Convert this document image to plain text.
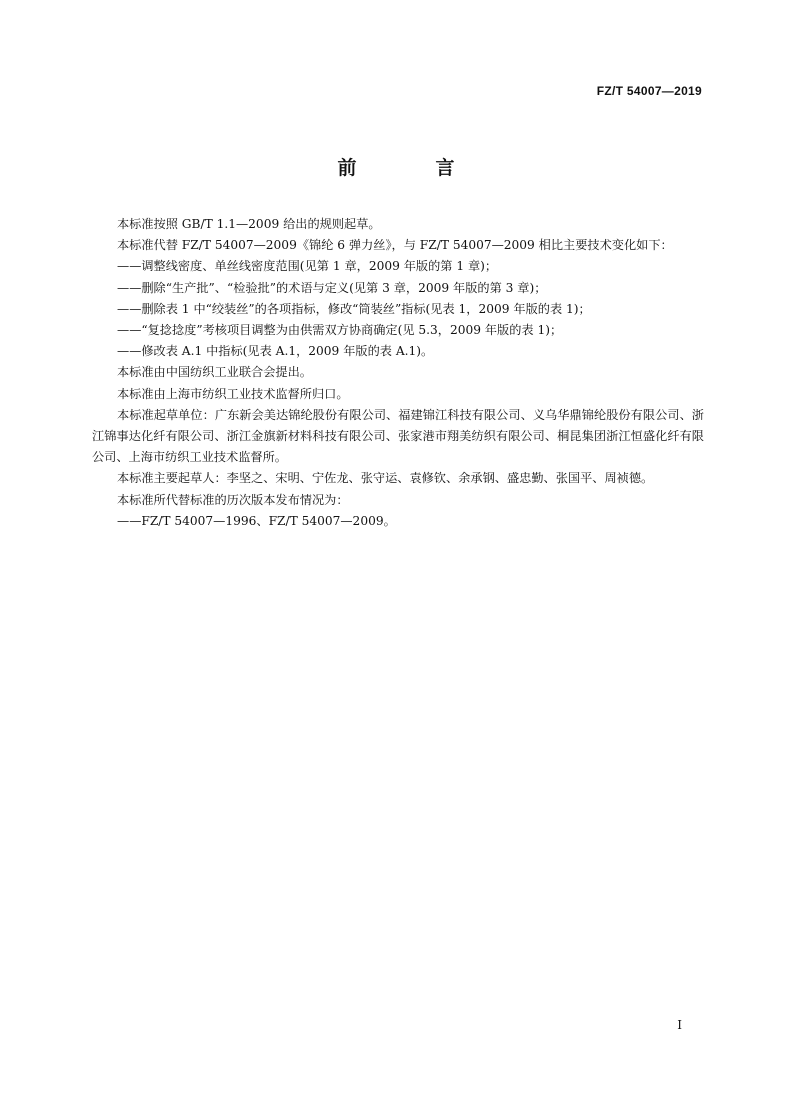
FZ/T 54007—2019
前　言

本标准按照 GB/T 1.1—2009 给出的规则起草。

本标准代替 FZ/T 54007—2009《锦纶 6 弹力丝》，与 FZ/T 54007—2009 相比主要技术变化如下：

——调整线密度、单丝线密度范围(见第 1 章，2009 年版的第 1 章)；

——删除“生产批”、“检验批”的术语与定义(见第 3 章，2009 年版的第 3 章)；

——删除表 1 中“绞装丝”的各项指标，修改“筒装丝”指标(见表 1，2009 年版的表 1)；

——“复捻捻度”考核项目调整为由供需双方协商确定(见 5.3，2009 年版的表 1)；

——修改表 A.1 中指标(见表 A.1，2009 年版的表 A.1)。

本标准由中国纺织工业联合会提出。

本标准由上海市纺织工业技术监督所归口。

本标准起草单位：广东新会美达锦纶股份有限公司、福建锦江科技有限公司、义乌华鼎锦纶股份有限公司、浙江锦事达化纤有限公司、浙江金旗新材料科技有限公司、张家港市翔美纺织有限公司、桐昆集团浙江恒盛化纤有限公司、上海市纺织工业技术监督所。

本标准主要起草人：李坚之、宋明、宁佐龙、张守运、袁修钦、余承钢、盛忠勤、张国平、周祯德。

本标准所代替标准的历次版本发布情况为：

——FZ/T 54007—1996、FZ/T 54007—2009。

I
